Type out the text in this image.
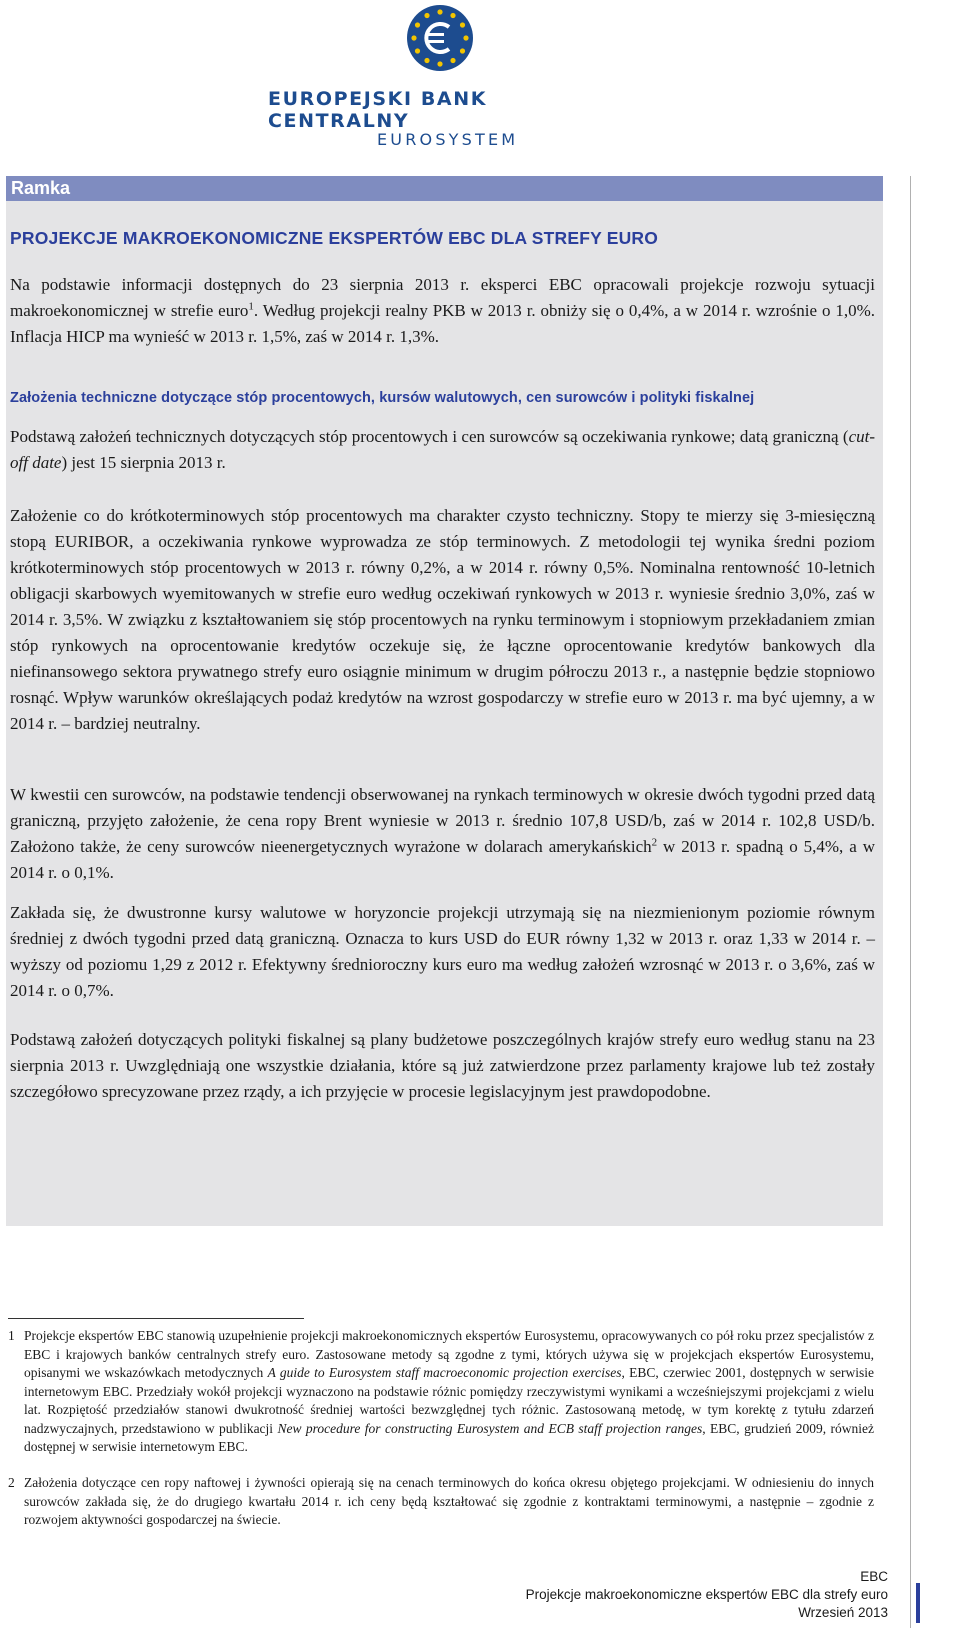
EUROPEJSKI BANK CENTRALNY
EUROSYSTEM
Ramka
PROJEKCJE MAKROEKONOMICZNE EKSPERTÓW EBC DLA STREFY EURO

Na podstawie informacji dostępnych do 23 sierpnia 2013 r. eksperci EBC opracowali projekcje rozwoju sytuacji makroekonomicznej w strefie euro$^1$. Według projekcji realny PKB w 2013 r. obniży się o 0,4%, a w 2014 r. wzrośnie o 1,0%. Inflacja HICP ma wynieść w 2013 r. 1,5%, zaś w 2014 r. 1,3%.

Założenia techniczne dotyczące stóp procentowych, kursów walutowych, cen surowców i polityki fiskalnej

Podstawą założeń technicznych dotyczących stóp procentowych i cen surowców są oczekiwania rynkowe; datą graniczną (cut-off date) jest 15 sierpnia 2013 r.

Założenie co do krótkoterminowych stóp procentowych ma charakter czysto techniczny. Stopy te mierzy się 3-miesięczną stopą EURIBOR, a oczekiwania rynkowe wyprowadza ze stóp terminowych. Z metodologii tej wynika średni poziom krótkoterminowych stóp procentowych w 2013 r. równy 0,2%, a w 2014 r. równy 0,5%. Nominalna rentowność 10-letnich obligacji skarbowych wyemitowanych w strefie euro według oczekiwań rynkowych w 2013 r. wyniesie średnio 3,0%, zaś w 2014 r. 3,5%. W związku z kształtowaniem się stóp procentowych na rynku terminowym i stopniowym przekładaniem zmian stóp rynkowych na oprocentowanie kredytów oczekuje się, że łączne oprocentowanie kredytów bankowych dla niefinansowego sektora prywatnego strefy euro osiągnie minimum w drugim półroczu 2013 r., a następnie będzie stopniowo rosnąć. Wpływ warunków określających podaż kredytów na wzrost gospodarczy w strefie euro w 2013 r. ma być ujemny, a w 2014 r. – bardziej neutralny.

W kwestii cen surowców, na podstawie tendencji obserwowanej na rynkach terminowych w okresie dwóch tygodni przed datą graniczną, przyjęto założenie, że cena ropy Brent wyniesie w 2013 r. średnio 107,8 USD/b, zaś w 2014 r. 102,8 USD/b. Założono także, że ceny surowców nieenergetycznych wyrażone w dolarach amerykańskich$^2$ w 2013 r. spadną o 5,4%, a w 2014 r. o 0,1%.

Zakłada się, że dwustronne kursy walutowe w horyzoncie projekcji utrzymają się na niezmienionym poziomie równym średniej z dwóch tygodni przed datą graniczną. Oznacza to kurs USD do EUR równy 1,32 w 2013 r. oraz 1,33 w 2014 r. – wyższy od poziomu 1,29 z 2012 r. Efektywny średnioroczny kurs euro ma według założeń wzrosnąć w 2013 r. o 3,6%, zaś w 2014 r. o 0,7%.

Podstawą założeń dotyczących polityki fiskalnej są plany budżetowe poszczególnych krajów strefy euro według stanu na 23 sierpnia 2013 r. Uwzględniają one wszystkie działania, które są już zatwierdzone przez parlamenty krajowe lub też zostały szczegółowo sprecyzowane przez rządy, a ich przyjęcie w procesie legislacyjnym jest prawdopodobne.

1 Projekcje ekspertów EBC stanowią uzupełnienie projekcji makroekonomicznych ekspertów Eurosystemu, opracowywanych co pół roku przez specjalistów z EBC i krajowych banków centralnych strefy euro. Zastosowane metody są zgodne z tymi, których używa się w projekcjach ekspertów Eurosystemu, opisanymi we wskazówkach metodycznych A guide to Eurosystem staff macroeconomic projection exercises, EBC, czerwiec 2001, dostępnych w serwisie internetowym EBC. Przedziały wokół projekcji wyznaczono na podstawie różnic pomiędzy rzeczywistymi wynikami a wcześniejszymi projekcjami z wielu lat. Rozpiętość przedziałów stanowi dwukrotność średniej wartości bezwzględnej tych różnic. Zastosowaną metodę, w tym korektę z tytułu zdarzeń nadzwyczajnych, przedstawiono w publikacji New procedure for constructing Eurosystem and ECB staff projection ranges, EBC, grudzień 2009, również dostępnej w serwisie internetowym EBC.
2 Założenia dotyczące cen ropy naftowej i żywności opierają się na cenach terminowych do końca okresu objętego projekcjami. W odniesieniu do innych surowców zakłada się, że do drugiego kwartału 2014 r. ich ceny będą kształtować się zgodnie z kontraktami terminowymi, a następnie – zgodnie z rozwojem aktywności gospodarczej na świecie.
EBC
Projekcje makroekonomiczne ekspertów EBC dla strefy euro
Wrzesień 2013
